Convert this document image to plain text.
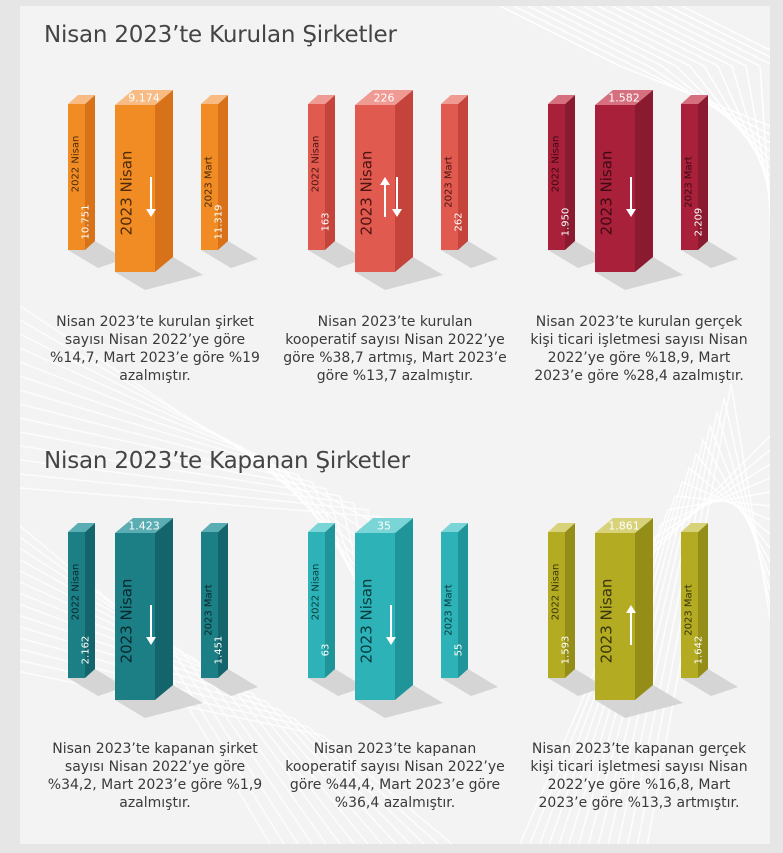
Nisan 2023’te Kurulan Şirketler
Nisan 2023’te Kapanan Şirketler
2022 Nisan
10.751
2023 Mart
11.319
9.174
2023 Nisan	2022 Nisan
163
2023 Mart
262
226
2023 Nisan	2022 Nisan
1.950
2023 Mart
2.209
1.582
2023 Nisan
Nisan 2023’te kurulan şirket sayısı Nisan 2022’ye göre %14,7, Mart 2023’e göre %19 azalmıştır.
Nisan 2023’te kurulan kooperatif sayısı Nisan 2022’ye göre %38,7 artmış, Mart 2023’e göre %13,7 azalmıştır.
Nisan 2023’te kurulan gerçek kişi ticari işletmesi sayısı Nisan 2022’ye göre %18,9, Mart 2023’e göre %28,4 azalmıştır.
2022 Nisan
2.162
2023 Mart
1.451
1.423
2023 Nisan	2022 Nisan
63
2023 Mart
55
35
2023 Nisan	2022 Nisan
1.593
2023 Mart
1.642
1.861
2023 Nisan
Nisan 2023’te kapanan şirket sayısı Nisan 2022’ye göre %34,2, Mart 2023’e göre %1,9 azalmıştır.
Nisan 2023’te kapanan kooperatif sayısı Nisan 2022’ye göre %44,4, Mart 2023’e göre %36,4 azalmıştır.
Nisan 2023’te kapanan gerçek kişi ticari işletmesi sayısı Nisan 2022’ye göre %16,8, Mart 2023’e göre %13,3 artmıştır.
